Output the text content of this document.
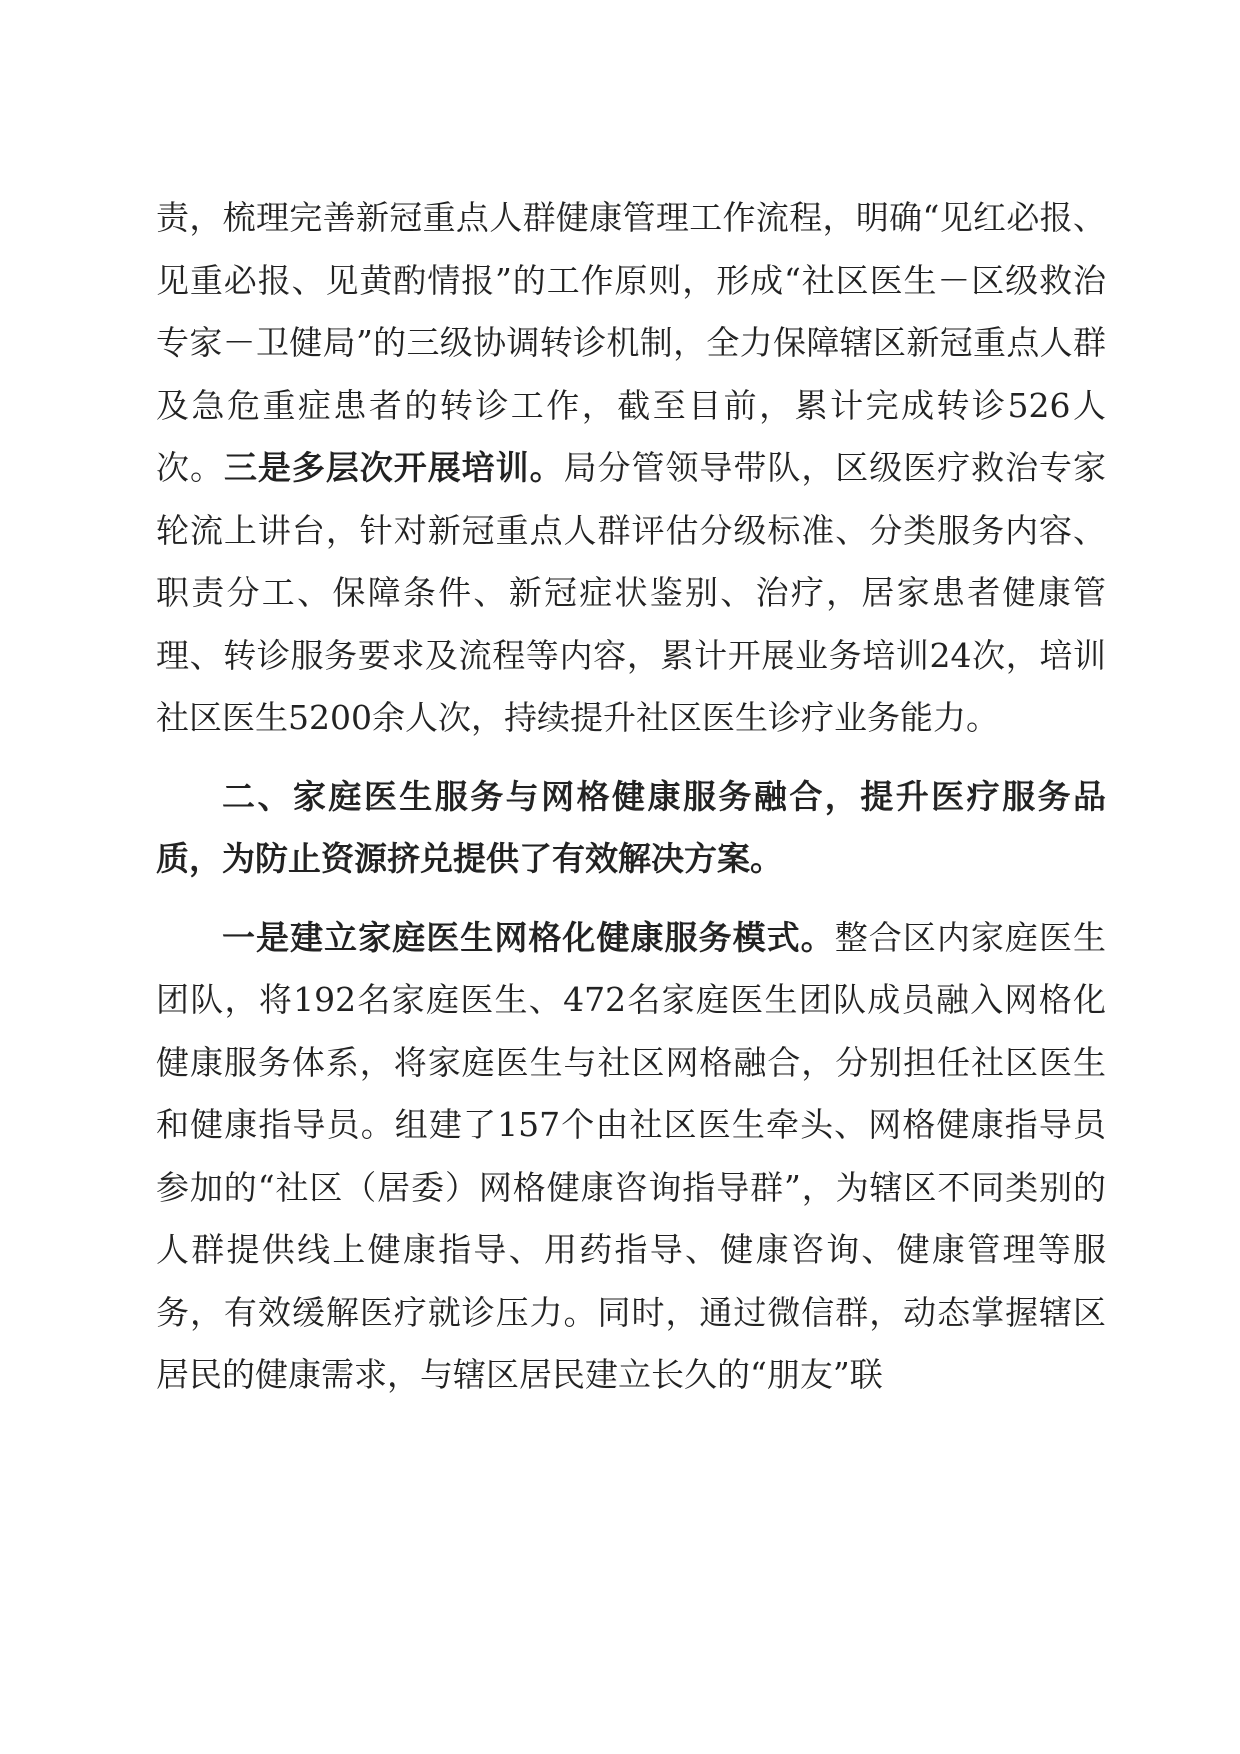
责，梳理完善新冠重点人群健康管理工作流程，明确“见红必报、见重必报、见黄酌情报”的工作原则，形成“社区医生－区级救治专家－卫健局”的三级协调转诊机制，全力保障辖区新冠重点人群及急危重症患者的转诊工作，截至目前，累计完成转诊526人次。三是多层次开展培训。局分管领导带队，区级医疗救治专家轮流上讲台，针对新冠重点人群评估分级标准、分类服务内容、职责分工、保障条件、新冠症状鉴别、治疗，居家患者健康管理、转诊服务要求及流程等内容，累计开展业务培训24次，培训社区医生5200余人次，持续提升社区医生诊疗业务能力。

二、家庭医生服务与网格健康服务融合，提升医疗服务品质，为防止资源挤兑提供了有效解决方案。

一是建立家庭医生网格化健康服务模式。整合区内家庭医生团队，将192名家庭医生、472名家庭医生团队成员融入网格化健康服务体系，将家庭医生与社区网格融合，分别担任社区医生和健康指导员。组建了157个由社区医生牵头、网格健康指导员参加的“社区（居委）网格健康咨询指导群”，为辖区不同类别的人群提供线上健康指导、用药指导、健康咨询、健康管理等服务，有效缓解医疗就诊压力。同时，通过微信群，动态掌握辖区居民的健康需求，与辖区居民建立长久的“朋友”联
